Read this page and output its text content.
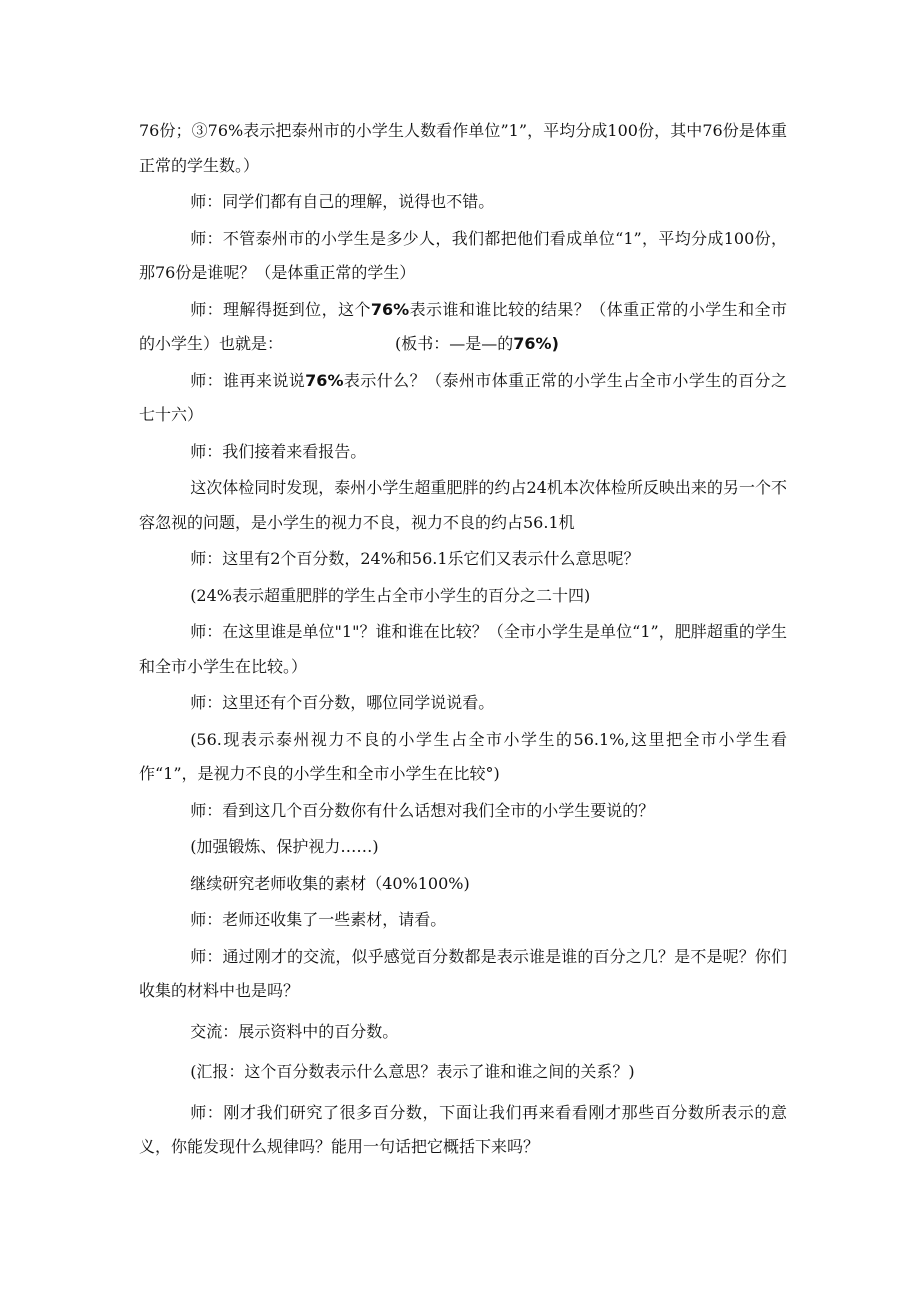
76份；③76%表示把泰州市的小学生人数看作单位”1”，平均分成100份，其中76份是体重正常的学生数。）

师：同学们都有自己的理解，说得也不错。

师：不管泰州市的小学生是多少人，我们都把他们看成单位“1”，平均分成100份，那76份是谁呢？（是体重正常的学生）

师：理解得挺到位，这个76%表示谁和谁比较的结果？（体重正常的小学生和全市的小学生）也就是：	(板书：—是—的76%)

师：谁再来说说76%表示什么？（泰州市体重正常的小学生占全市小学生的百分之七十六）

师：我们接着来看报告。

这次体检同时发现，泰州小学生超重肥胖的约占24机本次体检所反映出来的另一个不容忽视的问题，是小学生的视力不良，视力不良的约占56.1机

师：这里有2个百分数，24%和56.1乐它们又表示什么意思呢？

(24%表示超重肥胖的学生占全市小学生的百分之二十四)

师：在这里谁是单位"1"？谁和谁在比较？（全市小学生是单位“1”，肥胖超重的学生和全市小学生在比较。）

师：这里还有个百分数，哪位同学说说看。

(56.现表示泰州视力不良的小学生占全市小学生的56.1%,这里把全市小学生看作“1”，是视力不良的小学生和全市小学生在比较°)

师：看到这几个百分数你有什么话想对我们全市的小学生要说的？

(加强锻炼、保护视力……)

继续研究老师收集的素材（40%100%)

师：老师还收集了一些素材，请看。

师：通过刚才的交流，似乎感觉百分数都是表示谁是谁的百分之几？是不是呢？你们收集的材料中也是吗？

交流：展示资料中的百分数。

(汇报：这个百分数表示什么意思？表示了谁和谁之间的关系？)

师：刚才我们研究了很多百分数，下面让我们再来看看刚才那些百分数所表示的意义，你能发现什么规律吗？能用一句话把它概括下来吗？
